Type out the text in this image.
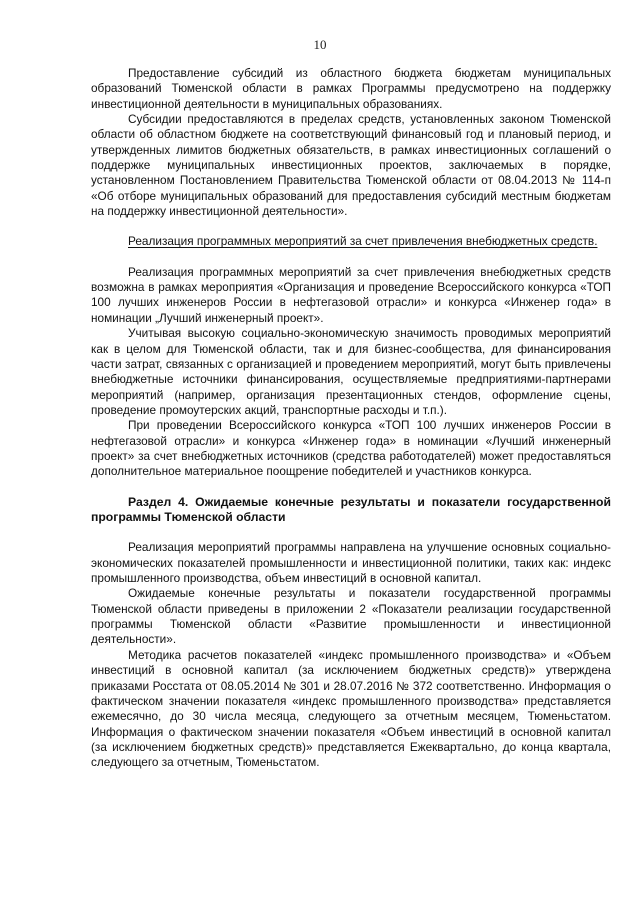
10

Предоставление субсидий из областного бюджета бюджетам муниципальных образований Тюменской области в рамках Программы предусмотрено на поддержку инвестиционной деятельности в муниципальных образованиях.

Субсидии предоставляются в пределах средств, установленных законом Тюменской области об областном бюджете на соответствующий финансовый год и плановый период, и утвержденных лимитов бюджетных обязательств, в рамках инвестиционных соглашений о поддержке муниципальных инвестиционных проектов, заключаемых в порядке, установленном Постановлением Правительства Тюменской области от 08.04.2013 № 114-п «Об отборе муниципальных образований для предоставления субсидий местным бюджетам на поддержку инвестиционной деятельности».

Реализация программных мероприятий за счет привлечения внебюджетных средств.

Реализация программных мероприятий за счет привлечения внебюджетных средств возможна в рамках мероприятия «Организация и проведение Всероссийского конкурса «ТОП 100 лучших инженеров России в нефтегазовой отрасли» и конкурса «Инженер года» в номинации „Лучший инженерный проект».

Учитывая высокую социально-экономическую значимость проводимых мероприятий как в целом для Тюменской области, так и для бизнес-сообщества, для финансирования части затрат, связанных с организацией и проведением мероприятий, могут быть привлечены внебюджетные источники финансирования, осуществляемые предприятиями-партнерами мероприятий (например, организация презентационных стендов, оформление сцены, проведение промоутерских акций, транспортные расходы и т.п.).

При проведении Всероссийского конкурса «ТОП 100 лучших инженеров России в нефтегазовой отрасли» и конкурса «Инженер года» в номинации «Лучший инженерный проект» за счет внебюджетных источников (средства работодателей) может предоставляться дополнительное материальное поощрение победителей и участников конкурса.

Раздел 4. Ожидаемые конечные результаты и показатели государственной программы Тюменской области

Реализация мероприятий программы направлена на улучшение основных социально-экономических показателей промышленности и инвестиционной политики, таких как: индекс промышленного производства, объем инвестиций в основной капитал.

Ожидаемые конечные результаты и показатели государственной программы Тюменской области приведены в приложении 2 «Показатели реализации государственной программы Тюменской области «Развитие промышленности и инвестиционной деятельности».

Методика расчетов показателей «индекс промышленного производства» и «Объем инвестиций в основной капитал (за исключением бюджетных средств)» утверждена приказами Росстата от 08.05.2014 № 301 и 28.07.2016 № 372 соответственно. Информация о фактическом значении показателя «индекс промышленного производства» представляется ежемесячно, до 30 числа месяца, следующего за отчетным месяцем, Тюменьстатом. Информация о фактическом значении показателя «Объем инвестиций в основной капитал (за исключением бюджетных средств)» представляется Ежеквартально, до конца квартала, следующего за отчетным, Тюменьстатом.
